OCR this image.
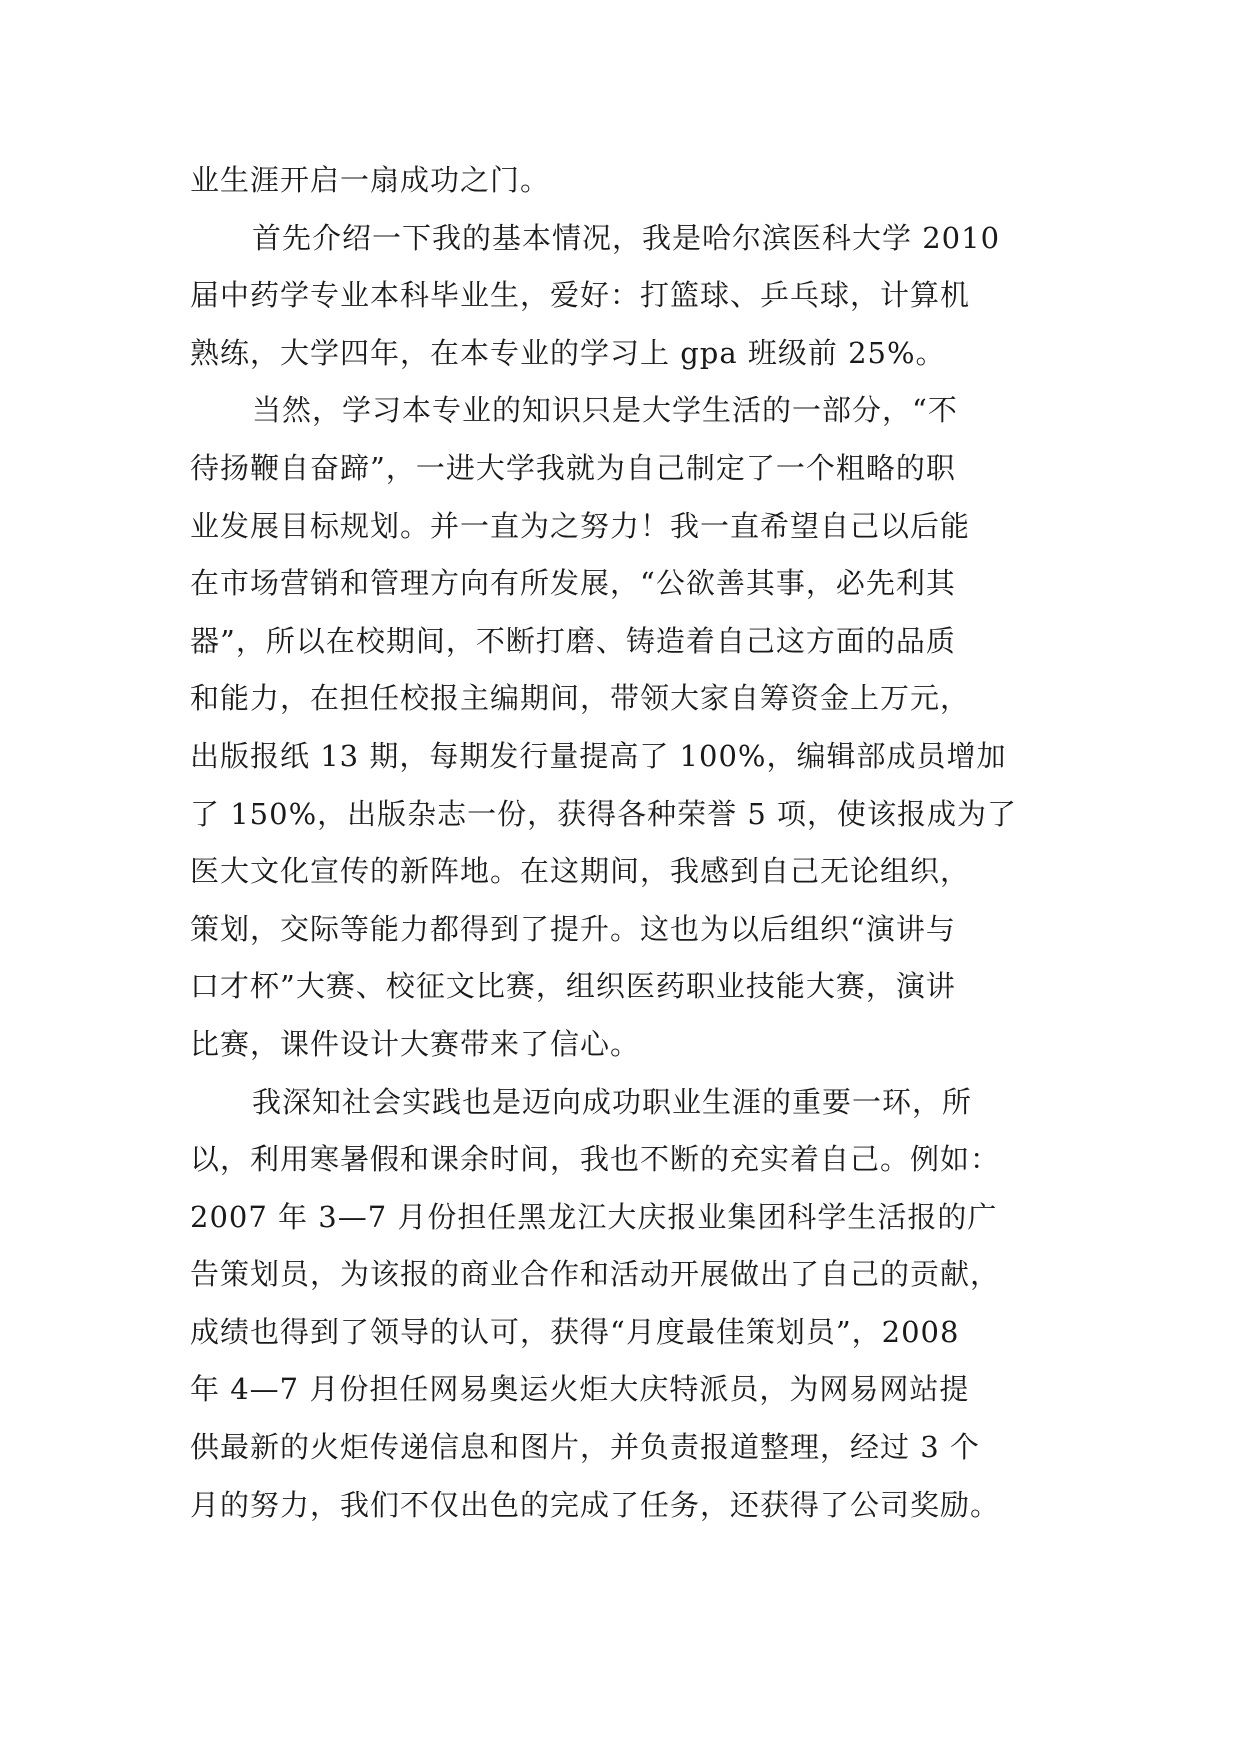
业生涯开启一扇成功之门。
首先介绍一下我的基本情况，我是哈尔滨医科大学 2010
届中药学专业本科毕业生，爱好：打篮球、乒乓球，计算机
熟练，大学四年，在本专业的学习上 gpa 班级前 25%。
当然，学习本专业的知识只是大学生活的一部分，“不
待扬鞭自奋蹄”，一进大学我就为自己制定了一个粗略的职
业发展目标规划。并一直为之努力！我一直希望自己以后能
在市场营销和管理方向有所发展，“公欲善其事，必先利其
器”，所以在校期间，不断打磨、铸造着自己这方面的品质
和能力，在担任校报主编期间，带领大家自筹资金上万元，
出版报纸 13 期，每期发行量提高了 100%，编辑部成员增加
了 150%，出版杂志一份，获得各种荣誉 5 项，使该报成为了
医大文化宣传的新阵地。在这期间，我感到自己无论组织，
策划，交际等能力都得到了提升。这也为以后组织“演讲与
口才杯”大赛、校征文比赛，组织医药职业技能大赛，演讲
比赛，课件设计大赛带来了信心。
我深知社会实践也是迈向成功职业生涯的重要一环，所
以，利用寒暑假和课余时间，我也不断的充实着自己。例如：
2007 年 3—7 月份担任黑龙江大庆报业集团科学生活报的广
告策划员，为该报的商业合作和活动开展做出了自己的贡献，
成绩也得到了领导的认可，获得“月度最佳策划员”，2008
年 4—7 月份担任网易奥运火炬大庆特派员，为网易网站提
供最新的火炬传递信息和图片，并负责报道整理，经过 3 个
月的努力，我们不仅出色的完成了任务，还获得了公司奖励。
